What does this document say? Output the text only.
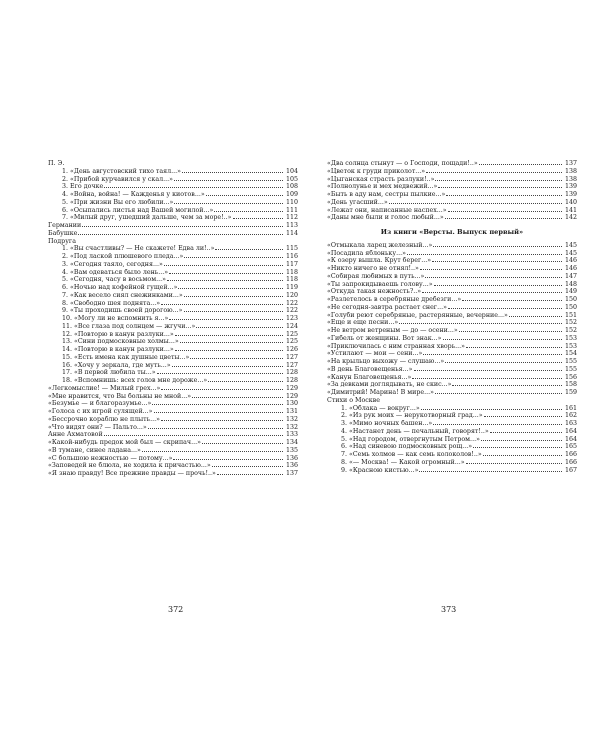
П. Э.
1. «День августовский тихо таял...»	104
2. «Прибой курчавился у скал...»	105
3. Его дочке	108
4. «Война, война! — Кажденья у киотов...»	109
5. «При жизни Вы его любили...»	110
6. «Осыпались листья над Вашей могилой...»	111
7. «Милый друг, ушедший дальше, чем за море!..»	112
Германии	113
Бабушке	114
Подруга
1. «Вы счастливы? — Не скажете! Едва ли!..»	115
2. «Под лаской плюшевого пледа...»	116
3. «Сегодня таяло, сегодня...»	117
4. «Вам одеваться было лень...»	118
5. «Сегодня, часу в восьмом...»	118
6. «Ночью над кофейной гущей...»	119
7. «Как весело сиял снежинками...»	120
8. «Свободно шея поднята...»	122
9. «Ты проходишь своей дорогою...»	122
10. «Могу ли не вспомнить я...»	123
11. «Все глаза под солнцем — жгучи...»	124
12. «Повторю в канун разлуки...»	125
13. «Сини подмосковные холмы...»	125
14. «Повторю в канун разлуки...»	126
15. «Есть имена как душные цветы...»	127
16. «Хочу у зеркала, где муть...»	127
17. «В первой любила ты...»	128
18. «Вспомнишь: всех голов мне дороже...»	128
«Легкомыслие! — Милый грех...»	129
«Мне нравится, что Вы больны не мной...»	129
«Безумье — и благоразумье...»	130
«Голоса с их игрой сулящей...»	131
«Бессрочно кораблю не плыть...»	132
«Что видят они? — Пальто...»	132
Анне Ахматовой	133
«Какой-нибудь предок мой был — скрипач...»	134
«В тумане, синее ладана...»	135
«С большою нежностью — потому...»	136
«Заповедей не блюла, не ходила к причастью...»	136
«Я знаю правду! Все прежние правды — прочь!..»	137
«Два солнца стынут — о Господи, пощади!..»	137
«Цветок к груди приколот...»	138
«Цыганская страсть разлуки!..»	138
«Полнолунье и мех медвежий...»	139
«Быть в аду нам, сестры пылкие...»	139
«День угасший...»	140
«Лежат они, написанные наспех...»	141
«Даны мне были и голос любый...»	142
Из книги «Версты. Выпуск первый»
«Отмыкала ларец железный...»	145
«Посадила яблоньку...»	145
«К озеру вышла. Крут берег...»	146
«Никто ничего не отнял!..»	146
«Собирая любимых в путь...»	147
«Ты запрокидываешь голову...»	148
«Откуда такая нежность?..»	149
«Разлетелось в серебряные дребезги...»	150
«Не сегодня-завтра растает снег...»	150
«Голуби реют серебряные, растерянные, вечерние...»	151
«Еще и еще песни...»	152
«Не ветром ветреным — до — осени...»	152
«Гибель от женщины. Вот знак...»	153
«Приключилась с ним странная хворь...»	153
«Устилают — мои — сени...»	154
«На крыльцо выхожу — слушаю...»	155
«В день Благовещенья...»	155
«Канун Благовещенья...»	156
«За девками доглядывать, не скис...»	158
«Димитрий! Марина! В мире...»	159
Стихи о Москве
1. «Облака — вокруг...»	161
2. «Из рук моих — нерукотворный град...»	162
3. «Мимо ночных башен...»	163
4. «Настанет день — печальный, говорят!..»	164
5. «Над городом, отвергнутым Петром...»	164
6. «Над синевою подмосковных рощ...»	165
7. «Семь холмов — как семь колоколов!..»	166
8. «— Москва! — Какой огромный...»	166
9. «Красною кистью...»	167
372	373
